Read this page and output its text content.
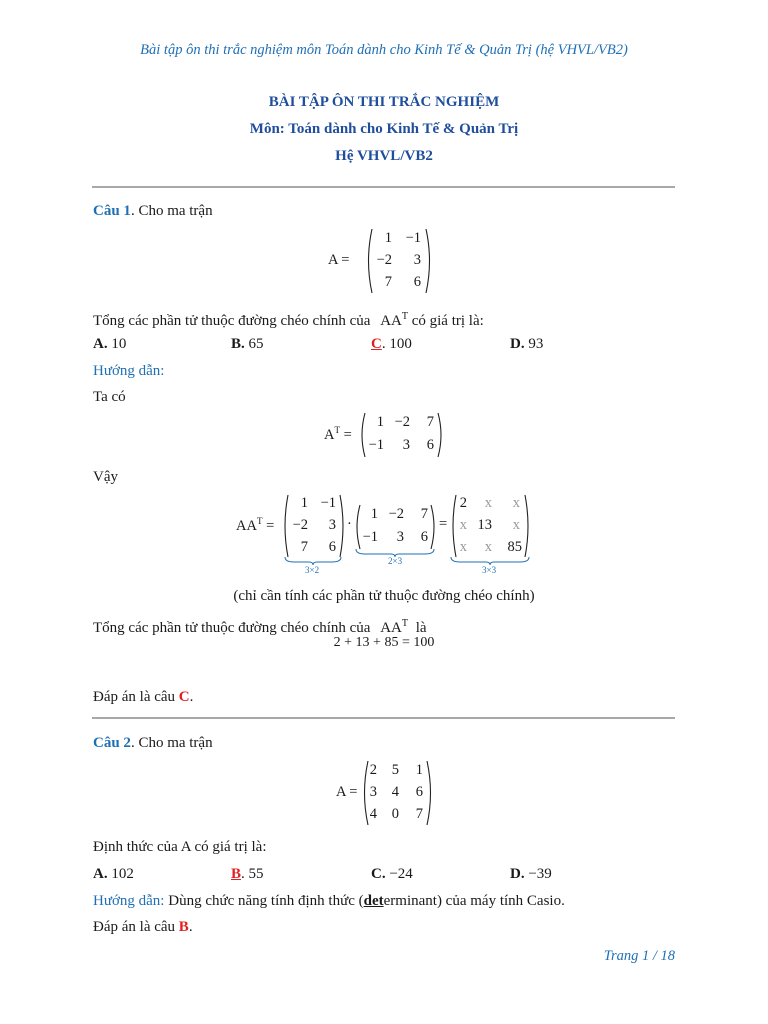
Bài tập ôn thi trắc nghiệm môn Toán dành cho Kinh Tế & Quản Trị (hệ VHVL/VB2)
BÀI TẬP ÔN THI TRẮC NGHIỆM
Môn: Toán dành cho Kinh Tế & Quản Trị
Hệ VHVL/VB2
Câu 1. Cho ma trận
A =
1 −1
−2	3
7	6
Tổng các phần tử thuộc đường chéo chính của $AA^T$ có giá trị là:
A. 10	B. 65	C. 100	D. 93
Hướng dẫn:
Ta có
$A^T$ =
1 −2	7
−1	3	6
Vậy
$AA^T$ =
1 −1
−2	3
7	6
3×2
·
1 −2	7
−1	3	6
2×3
=
2	x	x
x 13	x
x	x	85
3×3
(chỉ cần tính các phần tử thuộc đường chéo chính)
Tổng các phần tử thuộc đường chéo chính của $AA^T$ là
2 + 13 + 85 = 100
Đáp án là câu C.
Câu 2. Cho ma trận
A =
2	5	1
3	4	6
4	0	7
Định thức của A có giá trị là:
A. 102	B. 55	C. −24	D. −39
Hướng dẫn: Dùng chức năng tính định thức (determinant) của máy tính Casio.
Đáp án là câu B.
Trang 1 / 18
